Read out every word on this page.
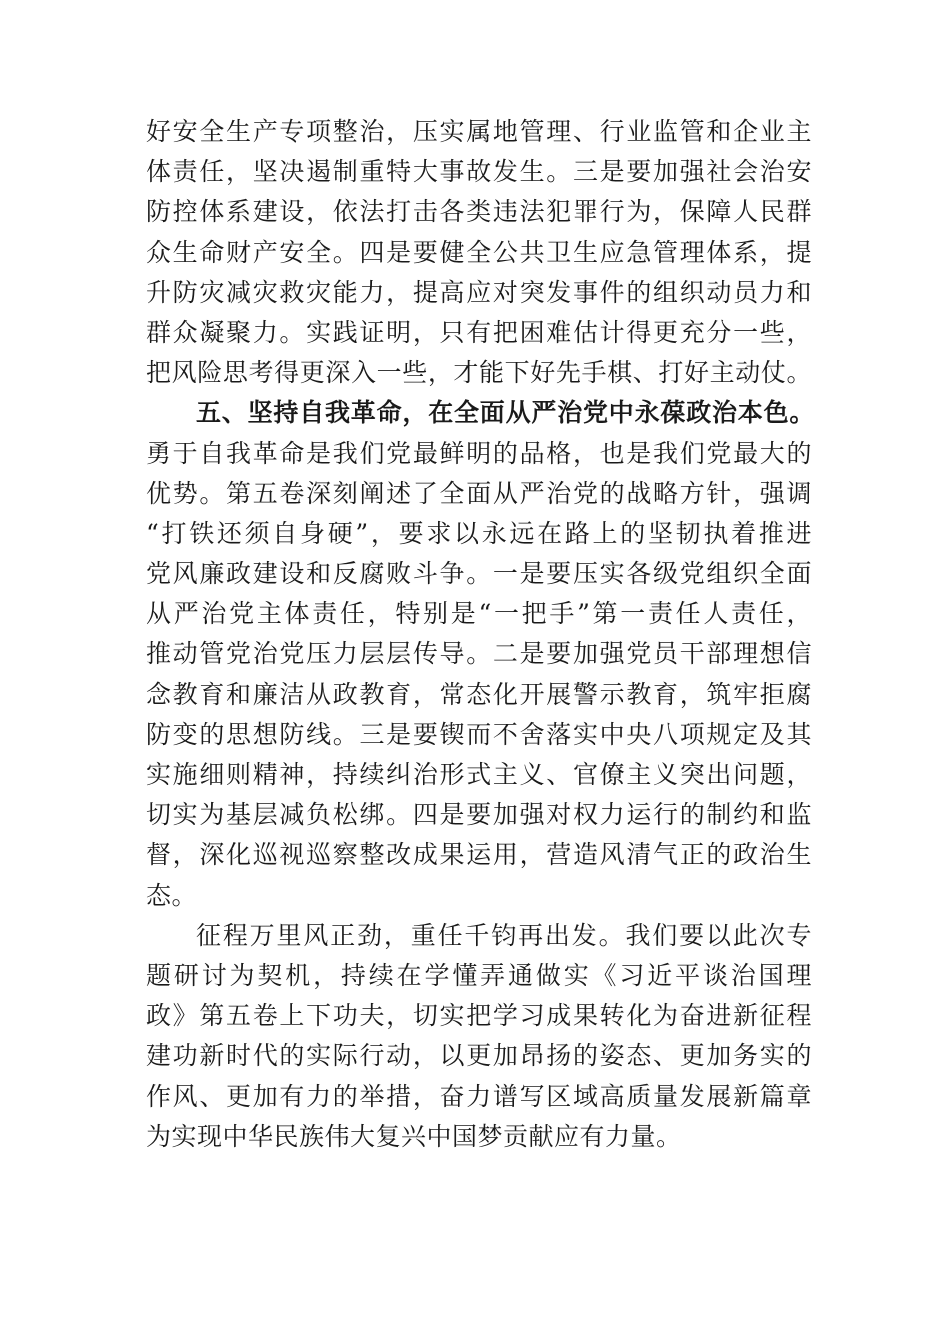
好安全生产专项整治，压实属地管理、行业监管和企业主
体责任，坚决遏制重特大事故发生。三是要加强社会治安
防控体系建设，依法打击各类违法犯罪行为，保障人民群
众生命财产安全。四是要健全公共卫生应急管理体系，提
升防灾减灾救灾能力，提高应对突发事件的组织动员力和
群众凝聚力。实践证明，只有把困难估计得更充分一些，
把风险思考得更深入一些，才能下好先手棋、打好主动仗。
五、坚持自我革命，在全面从严治党中永葆政治本色。
勇于自我革命是我们党最鲜明的品格，也是我们党最大的
优势。第五卷深刻阐述了全面从严治党的战略方针，强调
“打铁还须自身硬”，要求以永远在路上的坚韧执着推进
党风廉政建设和反腐败斗争。一是要压实各级党组织全面
从严治党主体责任，特别是“一把手”第一责任人责任，
推动管党治党压力层层传导。二是要加强党员干部理想信
念教育和廉洁从政教育，常态化开展警示教育，筑牢拒腐
防变的思想防线。三是要锲而不舍落实中央八项规定及其
实施细则精神，持续纠治形式主义、官僚主义突出问题，
切实为基层减负松绑。四是要加强对权力运行的制约和监
督，深化巡视巡察整改成果运用，营造风清气正的政治生
态。
征程万里风正劲，重任千钧再出发。我们要以此次专
题研讨为契机，持续在学懂弄通做实《习近平谈治国理
政》第五卷上下功夫，切实把学习成果转化为奋进新征程
建功新时代的实际行动，以更加昂扬的姿态、更加务实的
作风、更加有力的举措，奋力谱写区域高质量发展新篇章
为实现中华民族伟大复兴中国梦贡献应有力量。
